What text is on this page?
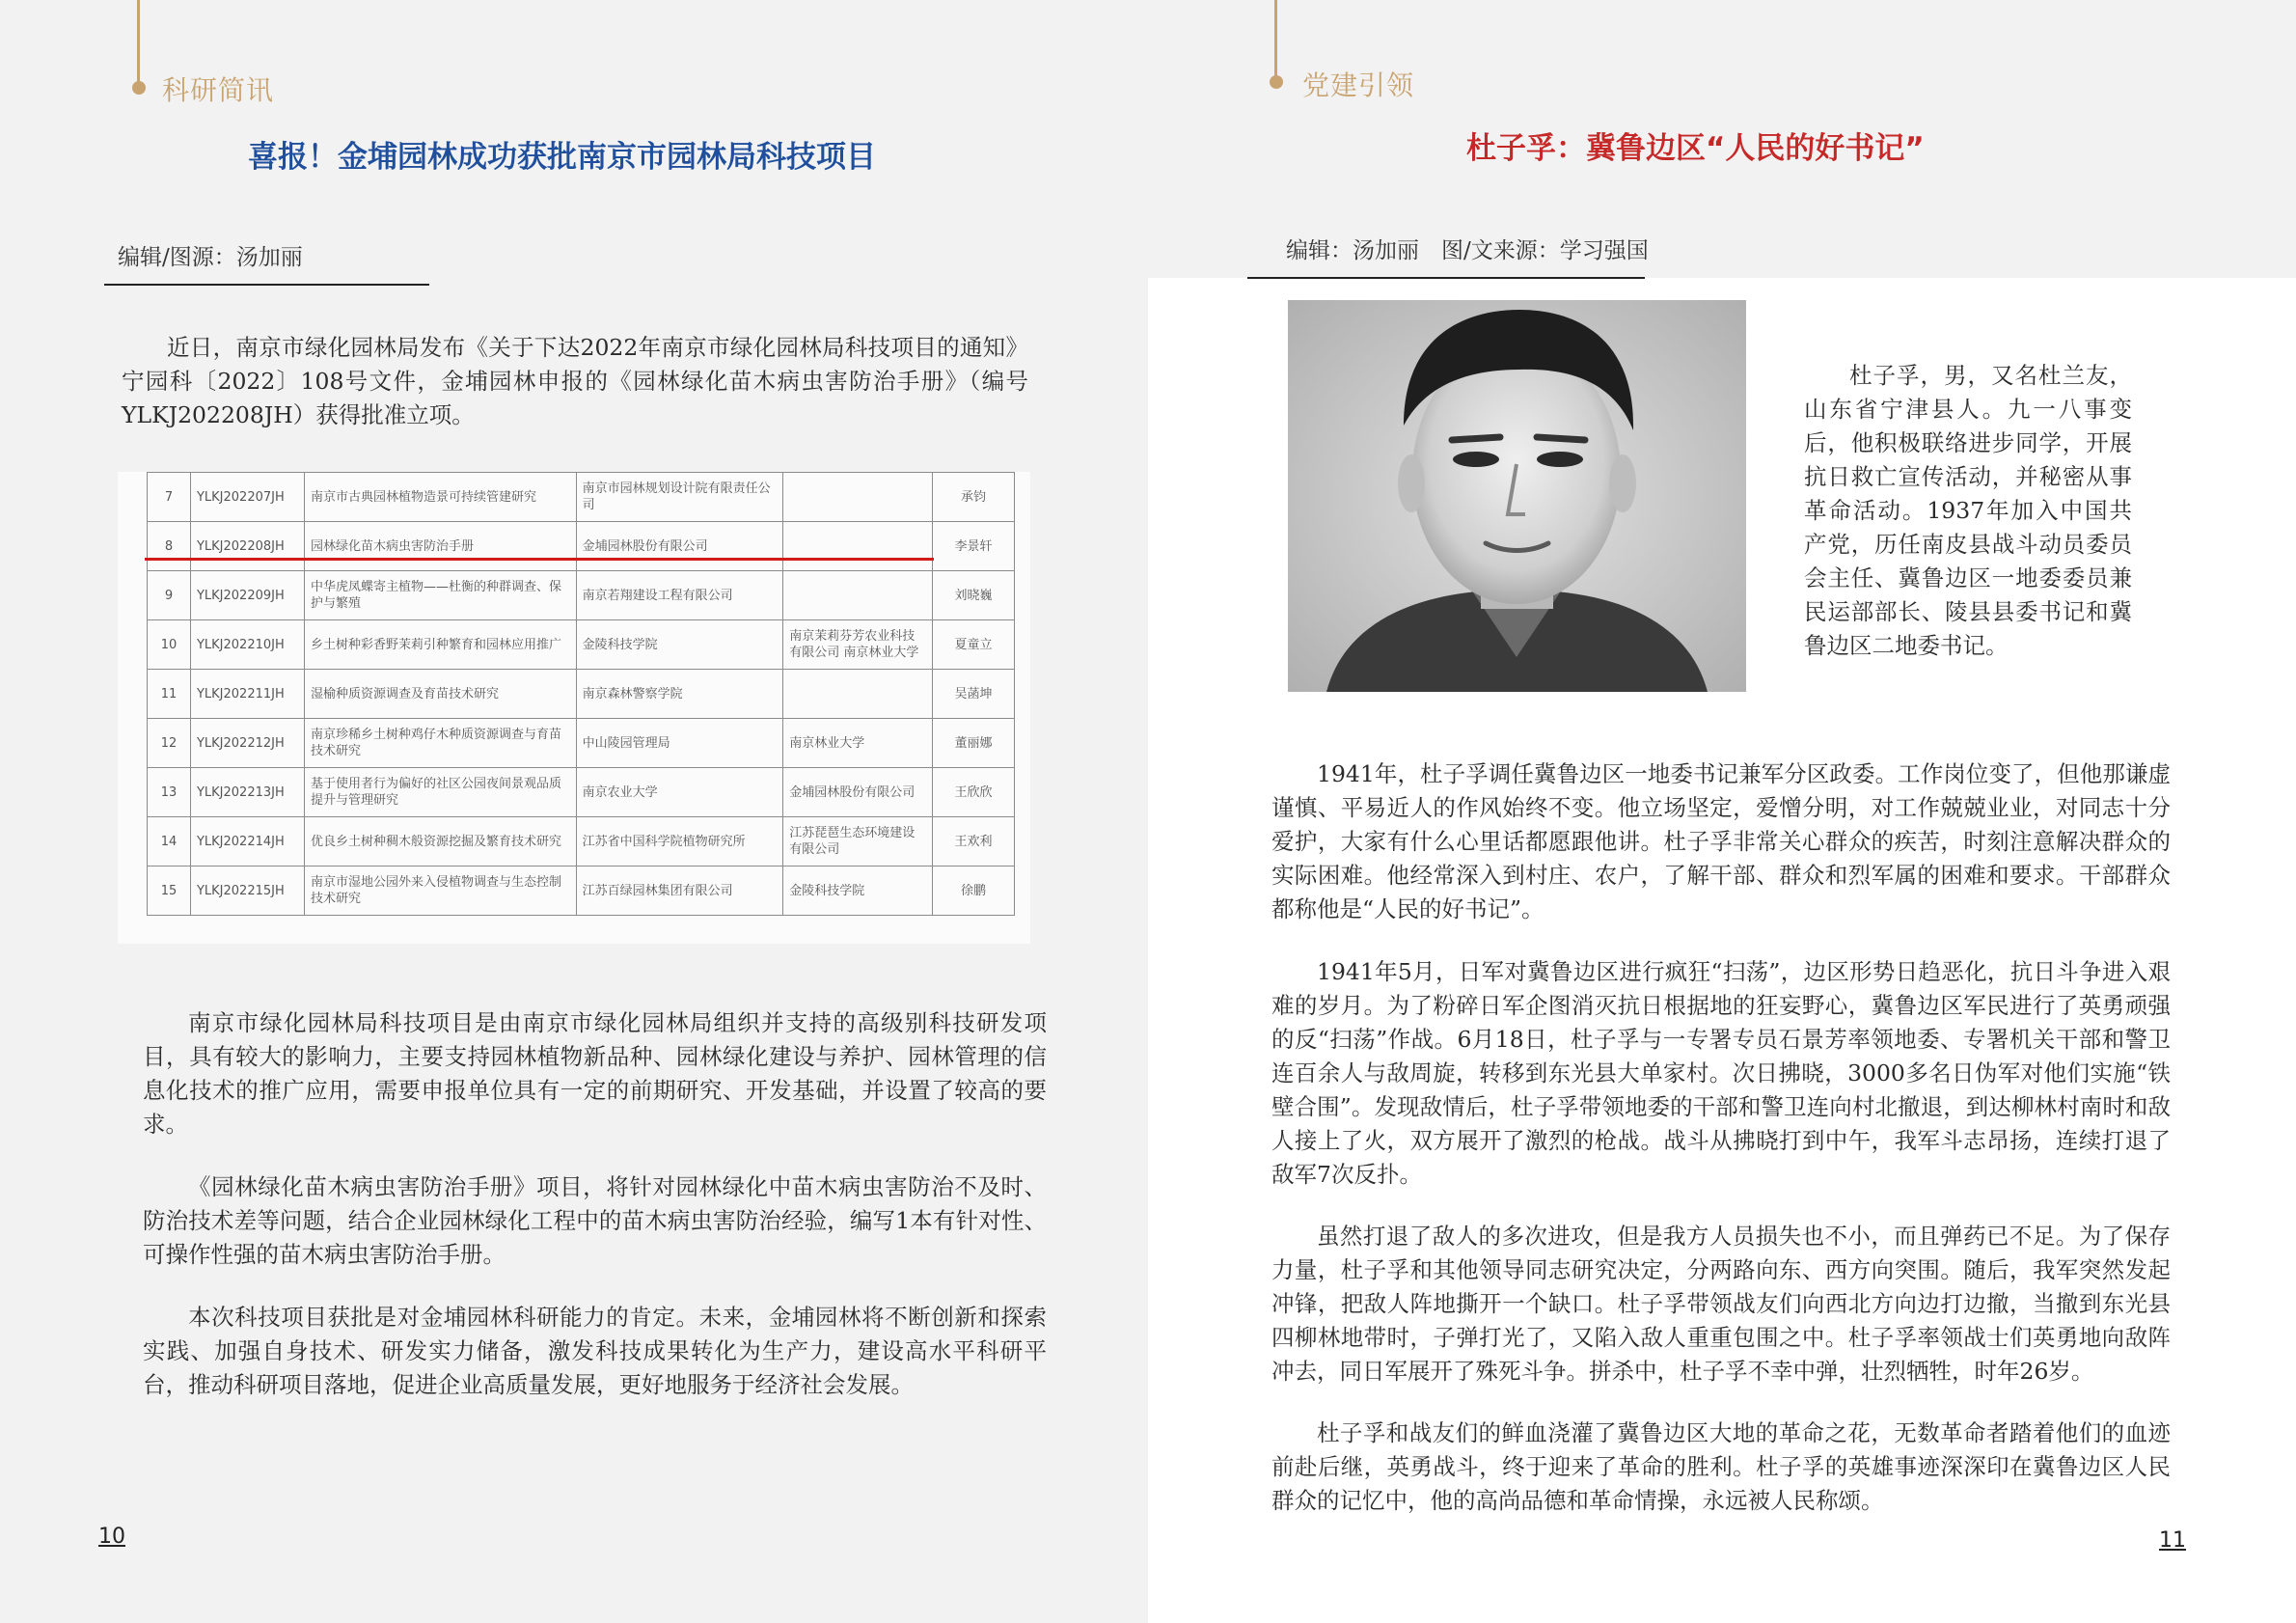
科研简讯
喜报！金埔园林成功获批南京市园林局科技项目
编辑/图源：汤加丽
近日，南京市绿化园林局发布《关于下达2022年南京市绿化园林局科技项目的通知》宁园科〔2022〕108号文件，金埔园林申报的《园林绿化苗木病虫害防治手册》（编号YLKJ202208JH）获得批准立项。
7	YLKJ202207JH	南京市古典园林植物造景可持续管建研究	南京市园林规划设计院有限责任公司		承钧
8	YLKJ202208JH	园林绿化苗木病虫害防治手册	金埔园林股份有限公司		李景轩
9	YLKJ202209JH	中华虎凤蝶寄主植物——杜衡的种群调查、保护与繁殖	南京若翔建设工程有限公司		刘晓巍
10	YLKJ202210JH	乡土树种彩香野茉莉引种繁育和园林应用推广	金陵科技学院	南京茉莉芬芳农业科技有限公司 南京林业大学	夏童立
11	YLKJ202211JH	湿榆种质资源调查及育苗技术研究	南京森林警察学院		吴菡坤
12	YLKJ202212JH	南京珍稀乡土树种鸡仔木种质资源调查与育苗技术研究	中山陵园管理局	南京林业大学	董丽娜
13	YLKJ202213JH	基于使用者行为偏好的社区公园夜间景观品质提升与管理研究	南京农业大学	金埔园林股份有限公司	王欣欣
14	YLKJ202214JH	优良乡土树种稠木般资源挖掘及繁育技术研究	江苏省中国科学院植物研究所	江苏琵琶生态环境建设有限公司	王欢利
15	YLKJ202215JH	南京市湿地公园外来入侵植物调查与生态控制技术研究	江苏百绿园林集团有限公司	金陵科技学院	徐鹏
南京市绿化园林局科技项目是由南京市绿化园林局组织并支持的高级别科技研发项目，具有较大的影响力，主要支持园林植物新品种、园林绿化建设与养护、园林管理的信息化技术的推广应用，需要申报单位具有一定的前期研究、开发基础，并设置了较高的要求。
《园林绿化苗木病虫害防治手册》项目，将针对园林绿化中苗木病虫害防治不及时、防治技术差等问题，结合企业园林绿化工程中的苗木病虫害防治经验，编写1本有针对性、可操作性强的苗木病虫害防治手册。
本次科技项目获批是对金埔园林科研能力的肯定。未来，金埔园林将不断创新和探索实践、加强自身技术、研发实力储备，激发科技成果转化为生产力，建设高水平科研平台，推动科研项目落地，促进企业高质量发展，更好地服务于经济社会发展。
10
党建引领
杜子孚：冀鲁边区“人民的好书记”
编辑：汤加丽　图/文来源：学习强国
杜子孚，男，又名杜兰友，山东省宁津县人。九一八事变后，他积极联络进步同学，开展抗日救亡宣传活动，并秘密从事革命活动。1937年加入中国共产党，历任南皮县战斗动员委员会主任、冀鲁边区一地委委员兼民运部部长、陵县县委书记和冀鲁边区二地委书记。
1941年，杜子孚调任冀鲁边区一地委书记兼军分区政委。工作岗位变了，但他那谦虚谨慎、平易近人的作风始终不变。他立场坚定，爱憎分明，对工作兢兢业业，对同志十分爱护，大家有什么心里话都愿跟他讲。杜子孚非常关心群众的疾苦，时刻注意解决群众的实际困难。他经常深入到村庄、农户，了解干部、群众和烈军属的困难和要求。干部群众都称他是“人民的好书记”。
1941年5月，日军对冀鲁边区进行疯狂“扫荡”，边区形势日趋恶化，抗日斗争进入艰难的岁月。为了粉碎日军企图消灭抗日根据地的狂妄野心，冀鲁边区军民进行了英勇顽强的反“扫荡”作战。6月18日，杜子孚与一专署专员石景芳率领地委、专署机关干部和警卫连百余人与敌周旋，转移到东光县大单家村。次日拂晓，3000多名日伪军对他们实施“铁壁合围”。发现敌情后，杜子孚带领地委的干部和警卫连向村北撤退，到达柳林村南时和敌人接上了火，双方展开了激烈的枪战。战斗从拂晓打到中午，我军斗志昂扬，连续打退了敌军7次反扑。
虽然打退了敌人的多次进攻，但是我方人员损失也不小，而且弹药已不足。为了保存力量，杜子孚和其他领导同志研究决定，分两路向东、西方向突围。随后，我军突然发起冲锋，把敌人阵地撕开一个缺口。杜子孚带领战友们向西北方向边打边撤，当撤到东光县四柳林地带时，子弹打光了，又陷入敌人重重包围之中。杜子孚率领战士们英勇地向敌阵冲去，同日军展开了殊死斗争。拼杀中，杜子孚不幸中弹，壮烈牺牲，时年26岁。
杜子孚和战友们的鲜血浇灌了冀鲁边区大地的革命之花，无数革命者踏着他们的血迹前赴后继，英勇战斗，终于迎来了革命的胜利。杜子孚的英雄事迹深深印在冀鲁边区人民群众的记忆中，他的高尚品德和革命情操，永远被人民称颂。
11
